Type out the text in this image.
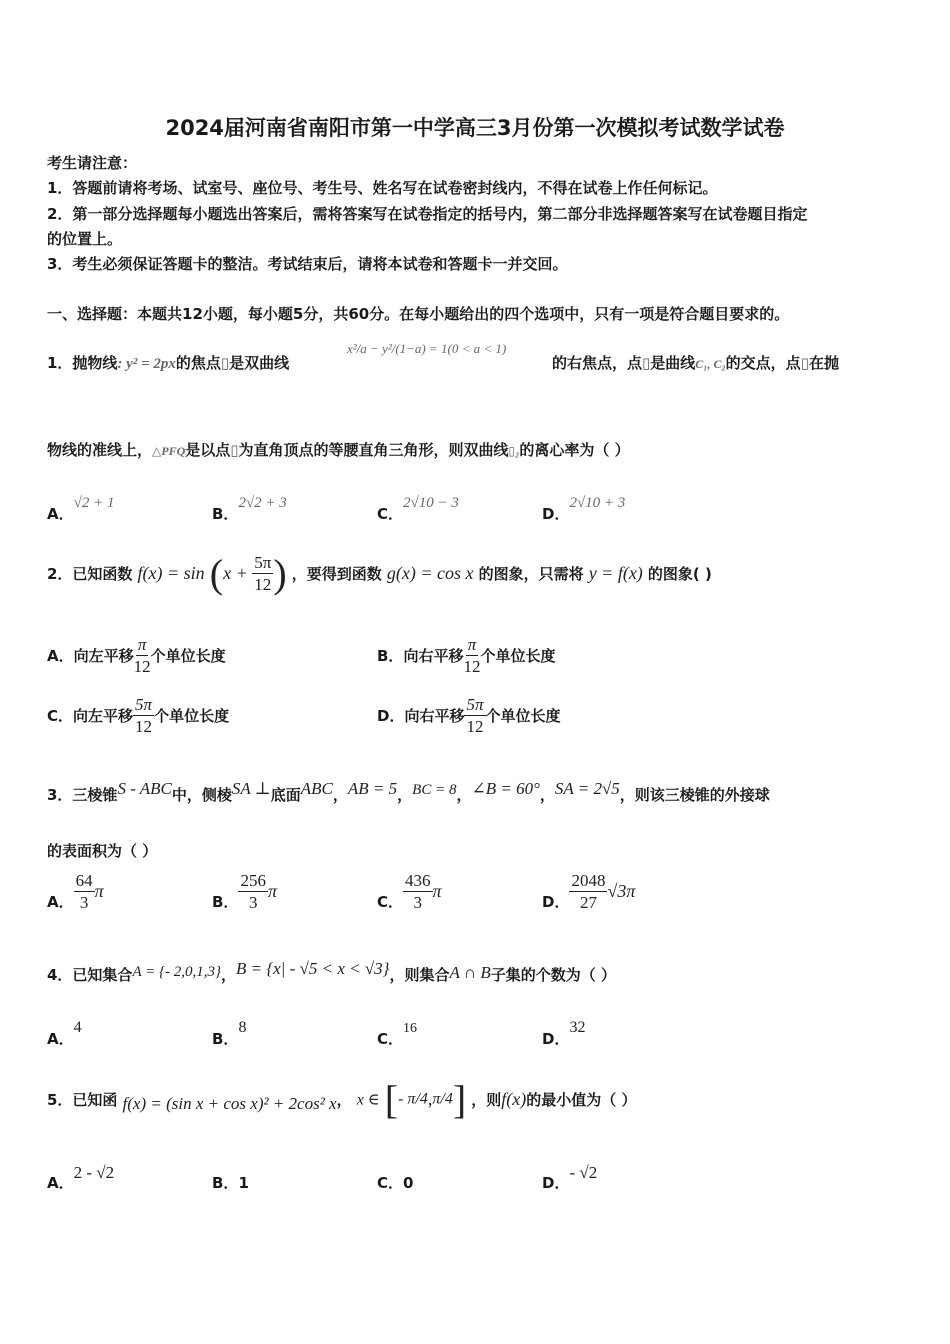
2024届河南省南阳市第一中学高三3月份第一次模拟考试数学试卷
考生请注意：
1．答题前请将考场、试室号、座位号、考生号、姓名写在试卷密封线内，不得在试卷上作任何标记。
2．第一部分选择题每小题选出答案后，需将答案写在试卷指定的括号内，第二部分非选择题答案写在试卷题目指定
的位置上。
3．考生必须保证答题卡的整洁。考试结束后，请将本试卷和答题卡一并交回。
一、选择题：本题共12小题，每小题5分，共60分。在每小题给出的四个选项中，只有一项是符合题目要求的。
1．抛物线: y² = 2px的焦点▯是双曲线
x²/a − y²/(1−a) = 1(0 < a < 1)
的右焦点，点▯是曲线C₁, C₂的交点，点▯在抛
物线的准线上，△PFQ是以点▯为直角顶点的等腰直角三角形，则双曲线▯₂的离心率为（ ）
A．√2 + 1
B．2√2 + 3
C．2√10 − 3
D．2√10 + 3
2．已知函数 $f(x) = \sin (x + \frac{5\pi}{12}$ ) ，要得到函数 g(x) = cos x 的图象，只需将 y = f(x) 的图象( )
A．向左平移 $\frac{\pi}{12}$ 个单位长度	B．向右平移 $\frac{\pi}{12}$ 个单位长度
C．向左平移 $\frac{5\pi}{12}$ 个单位长度	D．向右平移 $\frac{5\pi}{12}$ 个单位长度
3．三棱锥S - ABC中，侧棱SA ⊥底面ABC，AB = 5，BC = 8，∠B = 60°，SA = 2√5，则该三棱锥的外接球
的表面积为（ ）
A． $\frac{64}{3}$ π
B． $\frac{256}{3}$ π
C． $\frac{436}{3}$ π
D． $\frac{2048}{27} √3\pi$
4．已知集合A = {- 2,0,1,3}，B = {x| - √5 < x < √3}，则集合A ∩ B子集的个数为（ ）
A．4
B．8
C．16
D．32
5．已知函 f(x) = (sin x + cos x)² + 2cos² x， x ∈ [- π/4,π/4] ，则f(x)的最小值为（ ）
A．2 - √2
B．1	C．0	D．- √2
